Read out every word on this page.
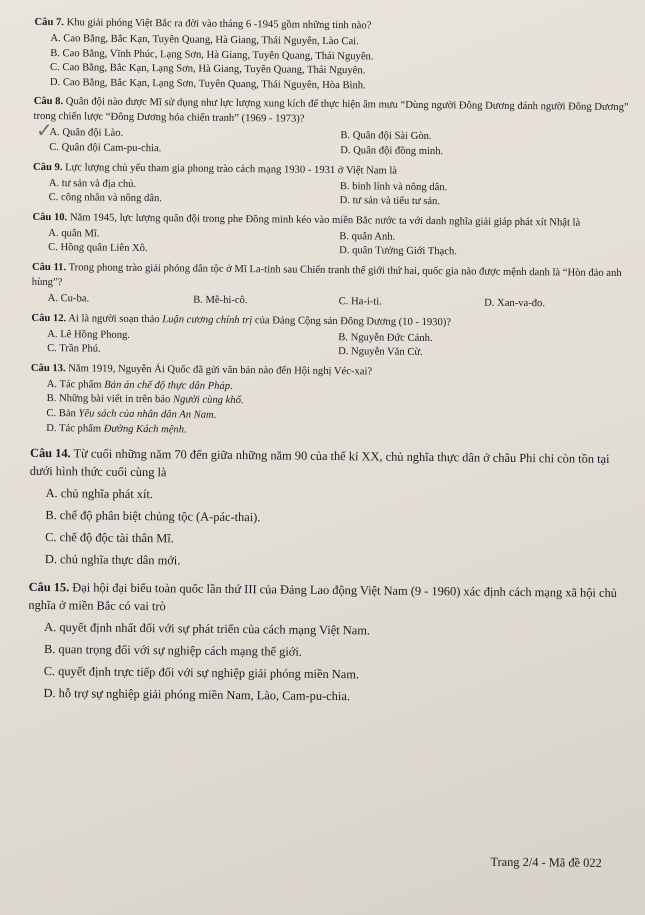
✓
Câu 7. Khu giải phóng Việt Bắc ra đời vào tháng 6 -1945 gồm những tỉnh nào?
A. Cao Bằng, Bắc Kạn, Tuyên Quang, Hà Giang, Thái Nguyên, Lào Cai.
B. Cao Bằng, Vĩnh Phúc, Lạng Sơn, Hà Giang, Tuyên Quang, Thái Nguyên.
C. Cao Bằng, Bắc Kạn, Lạng Sơn, Hà Giang, Tuyên Quang, Thái Nguyên.
D. Cao Bằng, Bắc Kạn, Lạng Sơn, Tuyên Quang, Thái Nguyên, Hòa Bình.
Câu 8. Quân đội nào được Mĩ sử dụng như lực lượng xung kích để thực hiện âm mưu “Dùng người Đông Dương đánh người Đông Dương” trong chiến lược “Đông Dương hóa chiến tranh” (1969 - 1973)?
A. Quân đội Lào.	B. Quân đội Sài Gòn.
C. Quân đội Cam-pu-chia.	D. Quân đội đồng minh.
Câu 9. Lực lượng chủ yếu tham gia phong trào cách mạng 1930 - 1931 ở Việt Nam là
A. tư sản và địa chủ.	B. binh lính và nông dân.
C. công nhân và nông dân.	D. tư sản và tiểu tư sản.
Câu 10. Năm 1945, lực lượng quân đội trong phe Đồng minh kéo vào miền Bắc nước ta với danh nghĩa giải giáp phát xít Nhật là
A. quân Mĩ.	B. quân Anh.
C. Hồng quân Liên Xô.	D. quân Tưởng Giới Thạch.
Câu 11. Trong phong trào giải phóng dân tộc ở Mĩ La-tinh sau Chiến tranh thế giới thứ hai, quốc gia nào được mệnh danh là “Hòn đảo anh hùng”?
A. Cu-ba.	B. Mê-hi-cô.	C. Ha-i-ti.	D. Xan-va-đo.
Câu 12. Ai là người soạn thảo Luận cương chính trị của Đảng Cộng sản Đông Dương (10 - 1930)?
A. Lê Hồng Phong.	B. Nguyễn Đức Cảnh.
C. Trần Phú.	D. Nguyễn Văn Cừ.
Câu 13. Năm 1919, Nguyễn Ái Quốc đã gửi văn bản nào đến Hội nghị Véc-xai?
A. Tác phẩm Bản án chế độ thực dân Pháp.
B. Những bài viết in trên báo Người cùng khổ.
C. Bản Yêu sách của nhân dân An Nam.
D. Tác phẩm Đường Kách mệnh.
Câu 14. Từ cuối những năm 70 đến giữa những năm 90 của thế kỉ XX, chủ nghĩa thực dân ở châu Phi chỉ còn tồn tại dưới hình thức cuối cùng là
A. chủ nghĩa phát xít.
B. chế độ phân biệt chủng tộc (A-pác-thai).
C. chế độ độc tài thân Mĩ.
D. chủ nghĩa thực dân mới.
Câu 15. Đại hội đại biểu toàn quốc lần thứ III của Đảng Lao động Việt Nam (9 - 1960) xác định cách mạng xã hội chủ nghĩa ở miền Bắc có vai trò
A. quyết định nhất đối với sự phát triển của cách mạng Việt Nam.
B. quan trọng đối với sự nghiệp cách mạng thế giới.
C. quyết định trực tiếp đối với sự nghiệp giải phóng miền Nam.
D. hỗ trợ sự nghiệp giải phóng miền Nam, Lào, Cam-pu-chia.
Trang 2/4 - Mã đề 022
